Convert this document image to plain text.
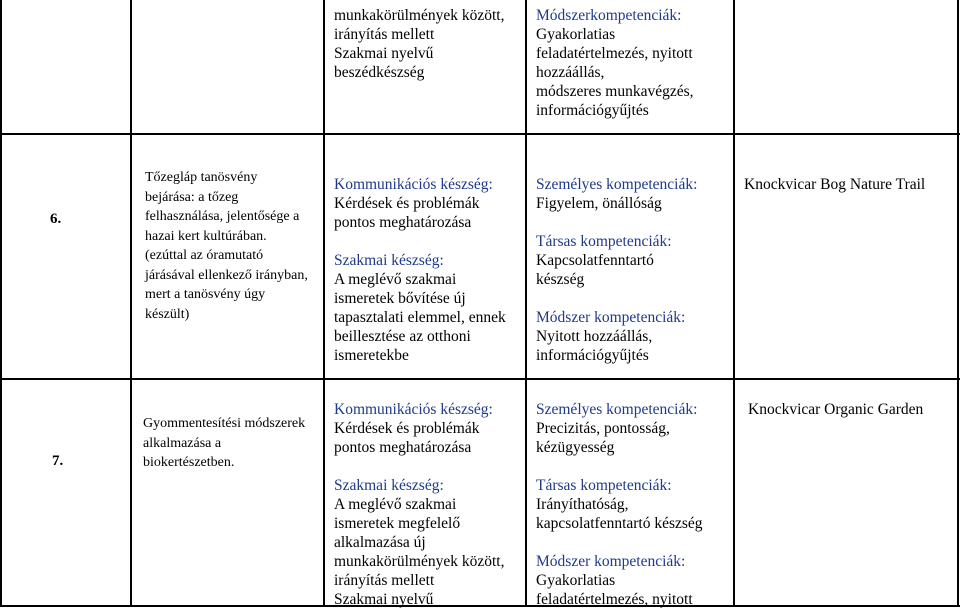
munkakörülmények között,
irányítás mellett
Szakmai nyelvű
beszédkészség

Módszerkompetenciák:

Gyakorlatias
feladatértelmezés, nyitott
hozzáállás,
módszeres munkavégzés,
információgyűjtés

6.

Tőzegláp tanösvény
bejárása: a tőzeg
felhasználása, jelentősége a
hazai kert kultúrában.
(ezúttal az óramutató
járásával ellenkező irányban,
mert a tanösvény úgy
készült)

Kommunikációs készség:

Kérdések és problémák
pontos meghatározása

Szakmai készség:

A meglévő szakmai
ismeretek bővítése új
tapasztalati elemmel, ennek
beillesztése az otthoni
ismeretekbe

Személyes kompetenciák:

Figyelem, önállóság

Társas kompetenciák:

Kapcsolatfenntartó
készség

Módszer kompetenciák:

Nyitott hozzáállás,
információgyűjtés

Knockvicar Bog Nature Trail

7.

Gyommentesítési módszerek
alkalmazása a
biokertészetben.

Kommunikációs készség:

Kérdések és problémák
pontos meghatározása

Szakmai készség:

A meglévő szakmai
ismeretek megfelelő
alkalmazása új
munkakörülmények között,
irányítás mellett
Szakmai nyelvű

Személyes kompetenciák:

Precizitás, pontosság,
kézügyesség

Társas kompetenciák:

Irányíthatóság,
kapcsolatfenntartó készség

Módszer kompetenciák:

Gyakorlatias
feladatértelmezés, nyitott

Knockvicar Organic Garden
